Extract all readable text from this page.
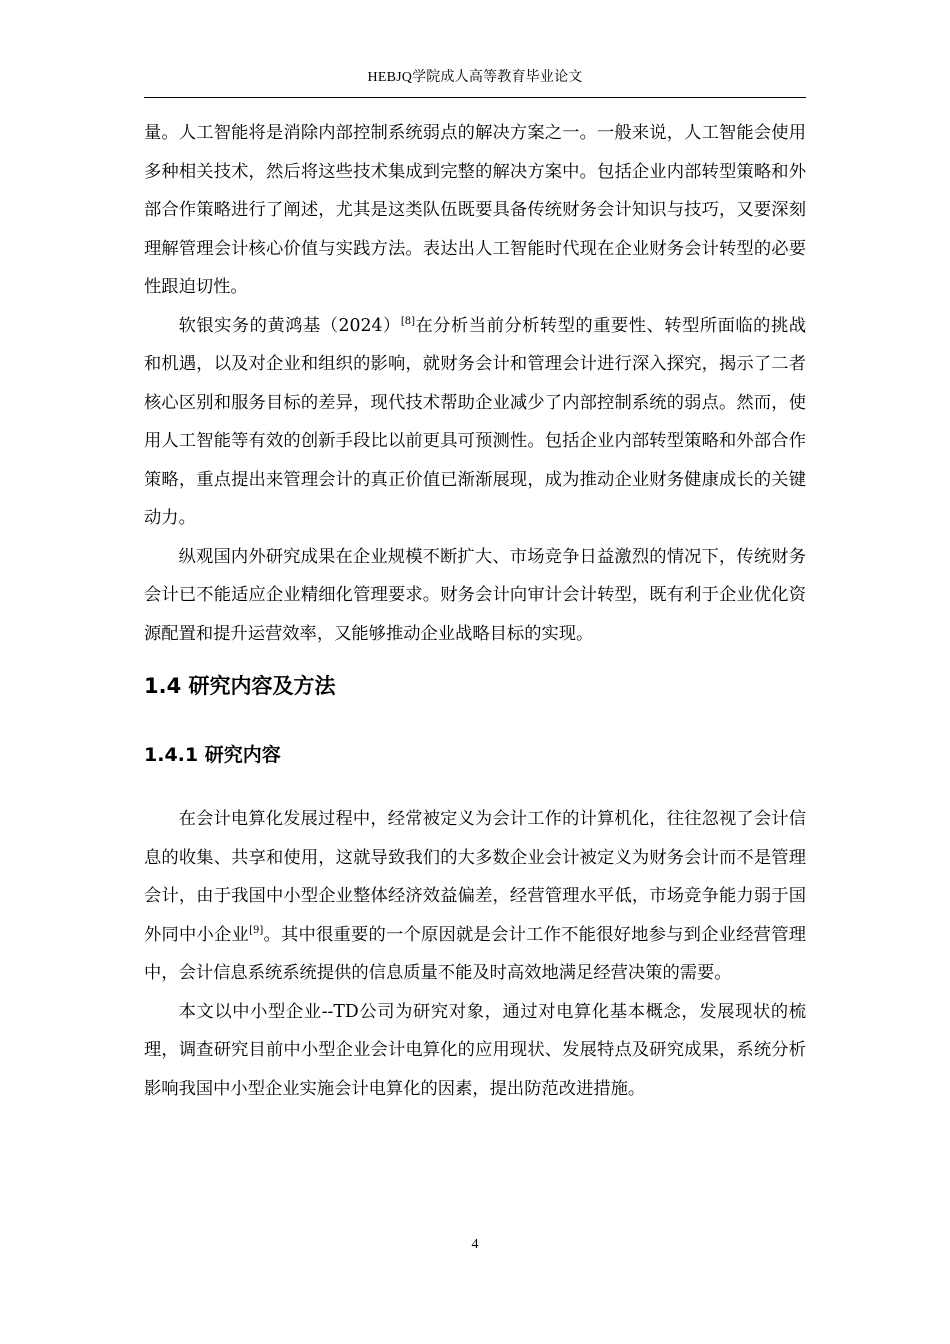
HEBJQ学院成人高等教育毕业论文

量。人工智能将是消除内部控制系统弱点的解决方案之一。一般来说，人工智能会使用多种相关技术，然后将这些技术集成到完整的解决方案中。包括企业内部转型策略和外部合作策略进行了阐述，尤其是这类队伍既要具备传统财务会计知识与技巧，又要深刻理解管理会计核心价值与实践方法。表达出人工智能时代现在企业财务会计转型的必要性跟迫切性。

软银实务的黄鸿基（2024）[8]在分析当前分析转型的重要性、转型所面临的挑战和机遇，以及对企业和组织的影响，就财务会计和管理会计进行深入探究，揭示了二者核心区别和服务目标的差异，现代技术帮助企业减少了内部控制系统的弱点。然而，使用人工智能等有效的创新手段比以前更具可预测性。包括企业内部转型策略和外部合作策略，重点提出来管理会计的真正价值已渐渐展现，成为推动企业财务健康成长的关键动力。

纵观国内外研究成果在企业规模不断扩大、市场竞争日益激烈的情况下，传统财务会计已不能适应企业精细化管理要求。财务会计向审计会计转型，既有利于企业优化资源配置和提升运营效率，又能够推动企业战略目标的实现。

1.4 研究内容及方法
1.4.1 研究内容

在会计电算化发展过程中，经常被定义为会计工作的计算机化，往往忽视了会计信息的收集、共享和使用，这就导致我们的大多数企业会计被定义为财务会计而不是管理会计，由于我国中小型企业整体经济效益偏差，经营管理水平低，市场竞争能力弱于国外同中小企业[9]。其中很重要的一个原因就是会计工作不能很好地参与到企业经营管理中，会计信息系统系统提供的信息质量不能及时高效地满足经营决策的需要。

本文以中小型企业--TD公司为研究对象，通过对电算化基本概念，发展现状的梳理，调查研究目前中小型企业会计电算化的应用现状、发展特点及研究成果，系统分析影响我国中小型企业实施会计电算化的因素，提出防范改进措施。

4
